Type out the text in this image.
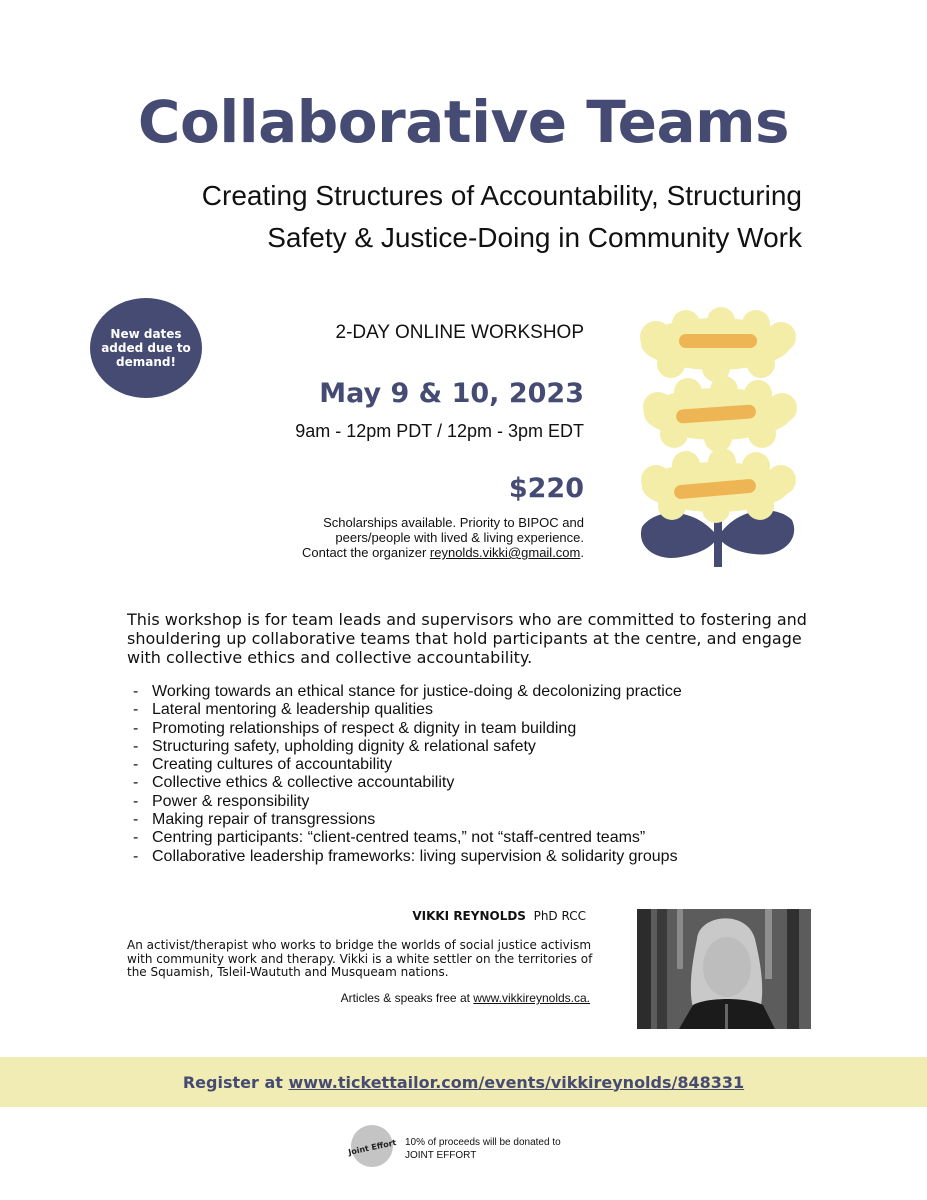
Collaborative Teams
Creating Structures of Accountability, Structuring
Safety & Justice-Doing in Community Work
New dates added due to demand!
2-DAY ONLINE WORKSHOP
May 9 & 10, 2023
9am - 12pm PDT / 12pm - 3pm EDT
$220
Scholarships available. Priority to BIPOC and
peers/people with lived & living experience.
Contact the organizer reynolds.vikki@gmail.com.
This workshop is for team leads and supervisors who are committed to fostering and shouldering up collaborative teams that hold participants at the centre, and engage with collective ethics and collective accountability.
- Working towards an ethical stance for justice-doing & decolonizing practice
- Lateral mentoring & leadership qualities
- Promoting relationships of respect & dignity in team building
- Structuring safety, upholding dignity & relational safety
- Creating cultures of accountability
- Collective ethics & collective accountability
- Power & responsibility
- Making repair of transgressions
- Centring participants: “client-centred teams,” not “staff-centred teams”
- Collaborative leadership frameworks: living supervision & solidarity groups
VIKKI REYNOLDS PhD RCC
An activist/therapist who works to bridge the worlds of social justice activism with community work and therapy. Vikki is a white settler on the territories of the Squamish, Tsleil-Waututh and Musqueam nations.
Articles & speaks free at www.vikkireynolds.ca.
Register at
www.tickettailor.com/events/vikkireynolds/848331
Joint Effort 10% of proceeds will be donated to
JOINT EFFORT
